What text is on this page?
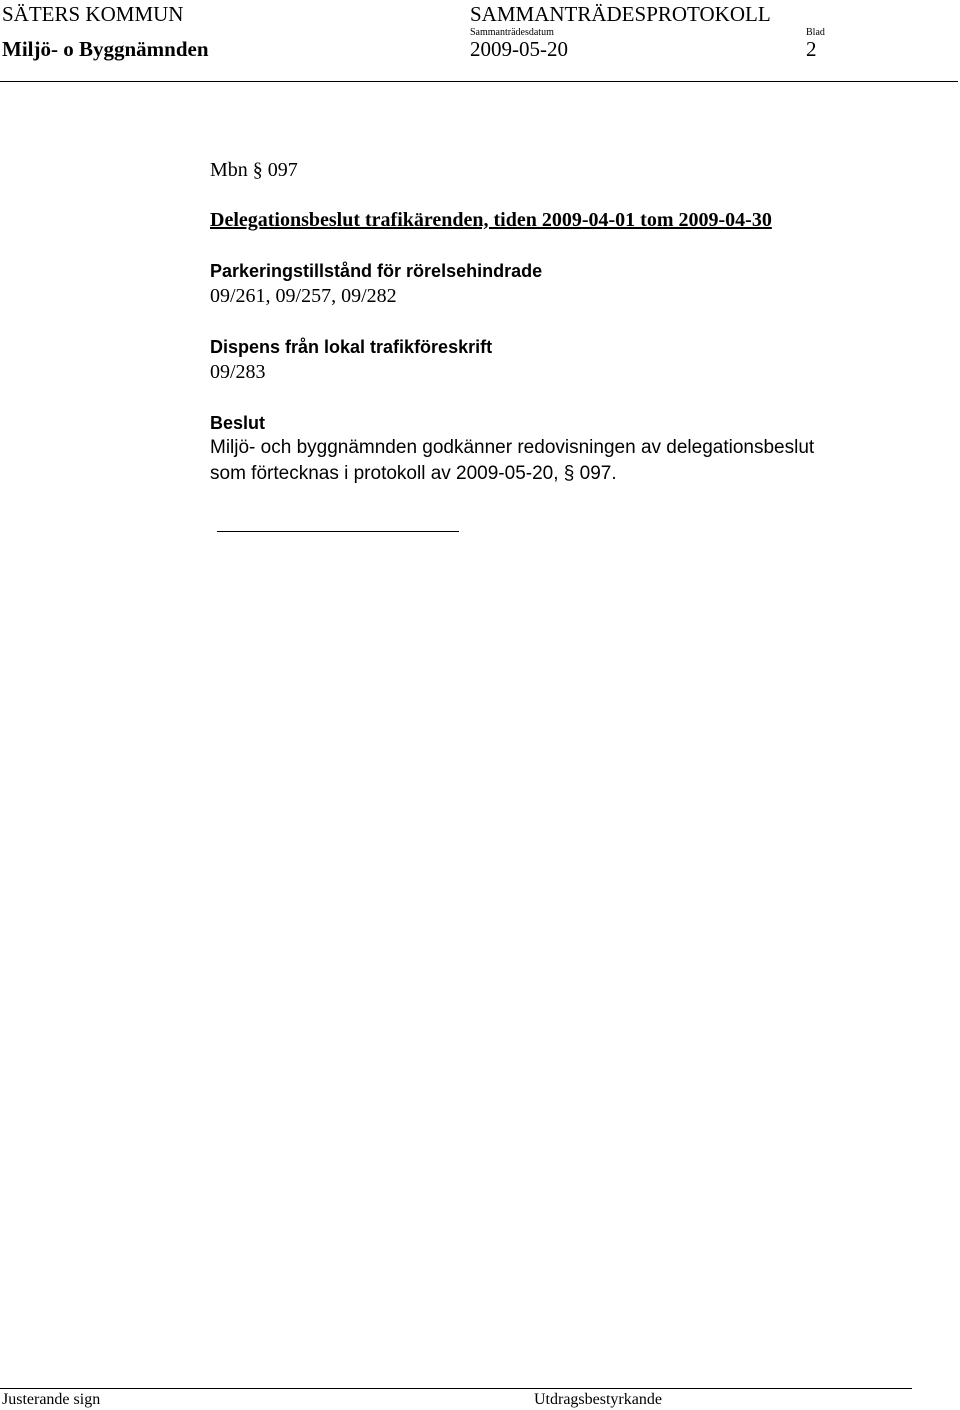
SÄTERS KOMMUN	SAMMANTRÄDESPROTOKOLL
Sammanträdesdatum	Blad
Miljö- o Byggnämnden	2009-05-20	2
Mbn § 097
Delegationsbeslut trafikärenden, tiden 2009-04-01 tom 2009-04-30
Parkeringstillstånd för rörelsehindrade
09/261, 09/257, 09/282
Dispens från lokal trafikföreskrift
09/283
Beslut
Miljö- och byggnämnden godkänner redovisningen av delegationsbeslut
som förtecknas i protokoll av 2009-05-20, § 097.
Justerande sign	Utdragsbestyrkande
